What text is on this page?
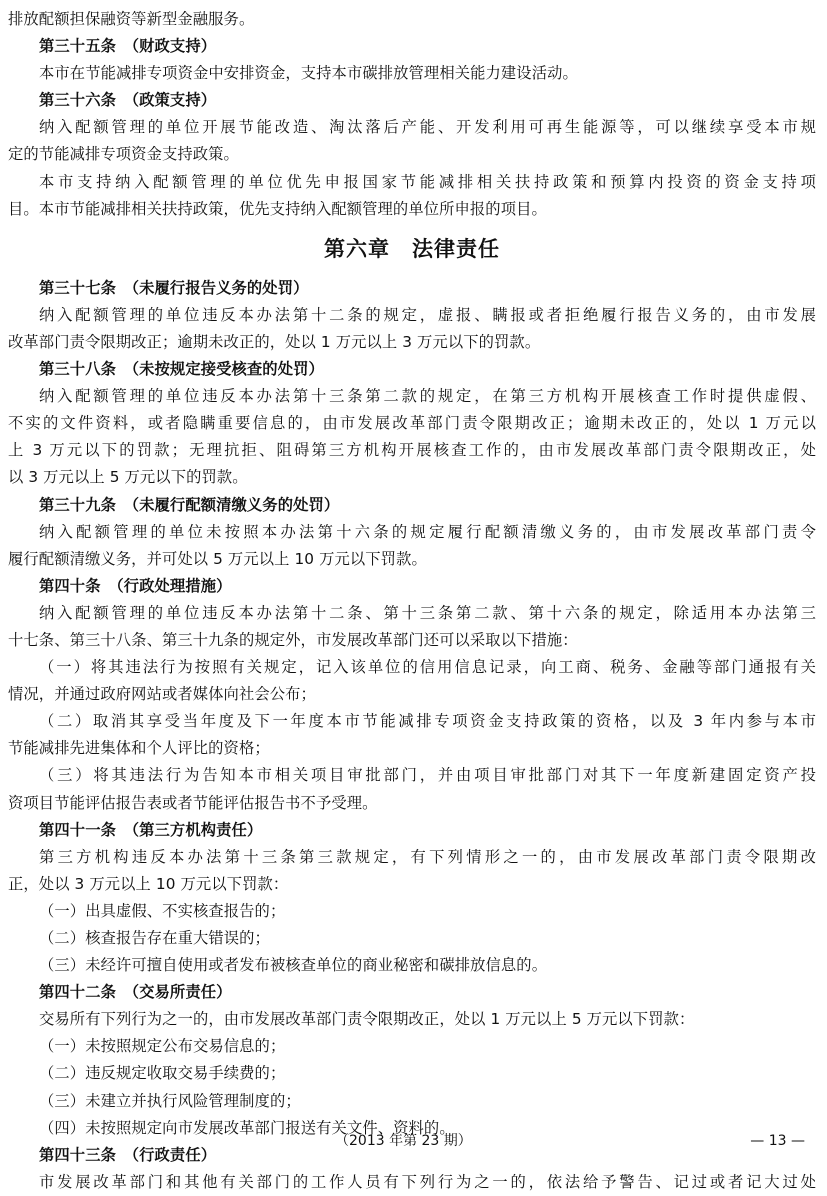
排放配额担保融资等新型金融服务。
第三十五条　（财政支持）
本市在节能减排专项资金中安排资金，支持本市碳排放管理相关能力建设活动。
第三十六条　（政策支持）
纳入配额管理的单位开展节能改造、淘汰落后产能、开发利用可再生能源等，可以继续享受本市规
定的节能减排专项资金支持政策。
本市支持纳入配额管理的单位优先申报国家节能减排相关扶持政策和预算内投资的资金支持项
目。本市节能减排相关扶持政策，优先支持纳入配额管理的单位所申报的项目。
第六章　法律责任
第三十七条　（未履行报告义务的处罚）
纳入配额管理的单位违反本办法第十二条的规定，虚报、瞒报或者拒绝履行报告义务的，由市发展
改革部门责令限期改正；逾期未改正的，处以 1 万元以上 3 万元以下的罚款。
第三十八条　（未按规定接受核查的处罚）
纳入配额管理的单位违反本办法第十三条第二款的规定，在第三方机构开展核查工作时提供虚假、
不实的文件资料，或者隐瞒重要信息的，由市发展改革部门责令限期改正；逾期未改正的，处以 1 万元以
上 3 万元以下的罚款；无理抗拒、阻碍第三方机构开展核查工作的，由市发展改革部门责令限期改正，处
以 3 万元以上 5 万元以下的罚款。
第三十九条　（未履行配额清缴义务的处罚）
纳入配额管理的单位未按照本办法第十六条的规定履行配额清缴义务的，由市发展改革部门责令
履行配额清缴义务，并可处以 5 万元以上 10 万元以下罚款。
第四十条　（行政处理措施）
纳入配额管理的单位违反本办法第十二条、第十三条第二款、第十六条的规定，除适用本办法第三
十七条、第三十八条、第三十九条的规定外，市发展改革部门还可以采取以下措施：
（一）将其违法行为按照有关规定，记入该单位的信用信息记录，向工商、税务、金融等部门通报有关
情况，并通过政府网站或者媒体向社会公布；
（二）取消其享受当年度及下一年度本市节能减排专项资金支持政策的资格，以及 3 年内参与本市
节能减排先进集体和个人评比的资格；
（三）将其违法行为告知本市相关项目审批部门，并由项目审批部门对其下一年度新建固定资产投
资项目节能评估报告表或者节能评估报告书不予受理。
第四十一条　（第三方机构责任）
第三方机构违反本办法第十三条第三款规定，有下列情形之一的，由市发展改革部门责令限期改
正，处以 3 万元以上 10 万元以下罚款：
（一）出具虚假、不实核查报告的；
（二）核查报告存在重大错误的；
（三）未经许可擅自使用或者发布被核查单位的商业秘密和碳排放信息的。
第四十二条　（交易所责任）
交易所有下列行为之一的，由市发展改革部门责令限期改正，处以 1 万元以上 5 万元以下罚款：
（一）未按照规定公布交易信息的；
（二）违反规定收取交易手续费的；
（三）未建立并执行风险管理制度的；
（四）未按照规定向市发展改革部门报送有关文件、资料的。
第四十三条　（行政责任）
市发展改革部门和其他有关部门的工作人员有下列行为之一的，依法给予警告、记过或者记大过处
（2013 年第 23 期）	— 13 —
